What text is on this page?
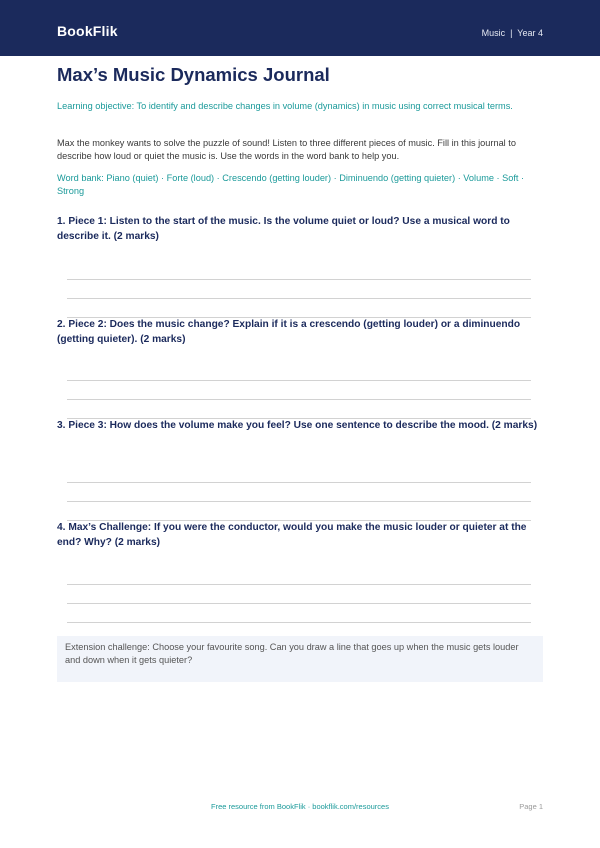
BookFlik	Music  |  Year 4
Max’s Music Dynamics Journal
Learning objective: To identify and describe changes in volume (dynamics) in music using correct musical terms.
Max the monkey wants to solve the puzzle of sound! Listen to three different pieces of music. Fill in this journal to describe how loud or quiet the music is. Use the words in the word bank to help you.
Word bank: Piano (quiet) · Forte (loud) · Crescendo (getting louder) · Diminuendo (getting quieter) · Volume · Soft · Strong
1. Piece 1: Listen to the start of the music. Is the volume quiet or loud? Use a musical word to describe it. (2 marks)
2. Piece 2: Does the music change? Explain if it is a crescendo (getting louder) or a diminuendo (getting quieter). (2 marks)
3. Piece 3: How does the volume make you feel? Use one sentence to describe the mood. (2 marks)
4. Max’s Challenge: If you were the conductor, would you make the music louder or quieter at the end? Why? (2 marks)
Extension challenge: Choose your favourite song. Can you draw a line that goes up when the music gets louder and down when it gets quieter?
Free resource from BookFlik · bookflik.com/resources	Page 1
